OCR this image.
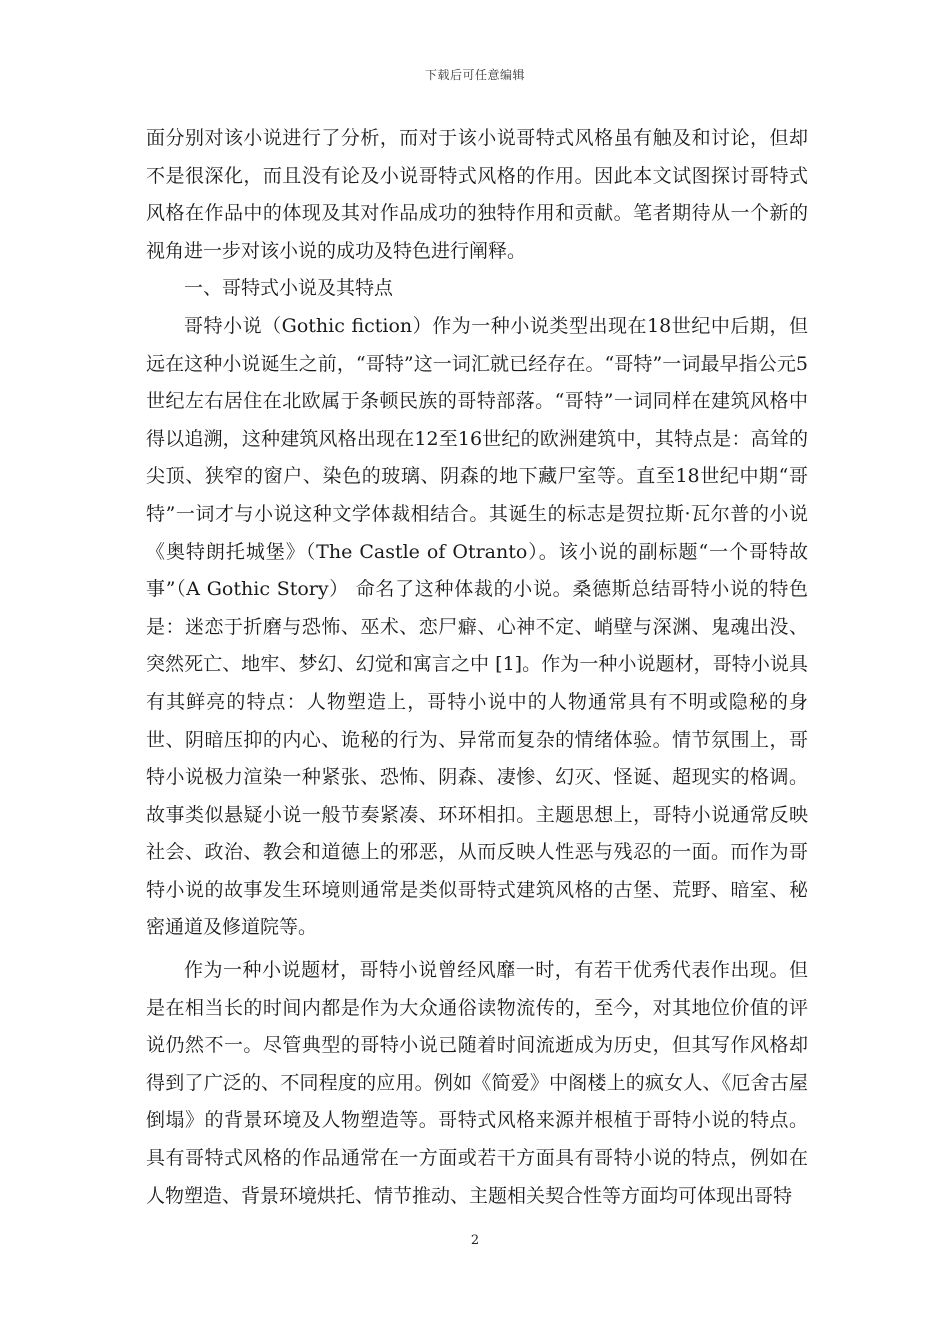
下载后可任意编辑

面分别对该小说进行了分析，而对于该小说哥特式风格虽有触及和讨论，但却不是很深化，而且没有论及小说哥特式风格的作用。因此本文试图探讨哥特式风格在作品中的体现及其对作品成功的独特作用和贡献。笔者期待从一个新的视角进一步对该小说的成功及特色进行阐释。

一、哥特式小说及其特点

哥特小说（Gothic fiction）作为一种小说类型出现在18世纪中后期，但远在这种小说诞生之前，“哥特”这一词汇就已经存在。“哥特”一词最早指公元5世纪左右居住在北欧属于条顿民族的哥特部落。“哥特”一词同样在建筑风格中得以追溯，这种建筑风格出现在12至16世纪的欧洲建筑中，其特点是：高耸的尖顶、狭窄的窗户、染色的玻璃、阴森的地下藏尸室等。直至18世纪中期“哥特”一词才与小说这种文学体裁相结合。其诞生的标志是贺拉斯·瓦尔普的小说《奥特朗托城堡》（The Castle of Otranto）。该小说的副标题“一个哥特故事”（A Gothic Story） 命名了这种体裁的小说。桑德斯总结哥特小说的特色是：迷恋于折磨与恐怖、巫术、恋尸癖、心神不定、峭壁与深渊、鬼魂出没、突然死亡、地牢、梦幻、幻觉和寓言之中 [1]。作为一种小说题材，哥特小说具有其鲜亮的特点：人物塑造上，哥特小说中的人物通常具有不明或隐秘的身世、阴暗压抑的内心、诡秘的行为、异常而复杂的情绪体验。情节氛围上，哥特小说极力渲染一种紧张、恐怖、阴森、凄惨、幻灭、怪诞、超现实的格调。故事类似悬疑小说一般节奏紧凑、环环相扣。主题思想上，哥特小说通常反映社会、政治、教会和道德上的邪恶，从而反映人性恶与残忍的一面。而作为哥特小说的故事发生环境则通常是类似哥特式建筑风格的古堡、荒野、暗室、秘密通道及修道院等。

作为一种小说题材，哥特小说曾经风靡一时，有若干优秀代表作出现。但是在相当长的时间内都是作为大众通俗读物流传的，至今，对其地位价值的评说仍然不一。尽管典型的哥特小说已随着时间流逝成为历史，但其写作风格却得到了广泛的、不同程度的应用。例如《简爱》中阁楼上的疯女人、《厄舍古屋倒塌》的背景环境及人物塑造等。哥特式风格来源并根植于哥特小说的特点。具有哥特式风格的作品通常在一方面或若干方面具有哥特小说的特点，例如在人物塑造、背景环境烘托、情节推动、主题相关契合性等方面均可体现出哥特

2
